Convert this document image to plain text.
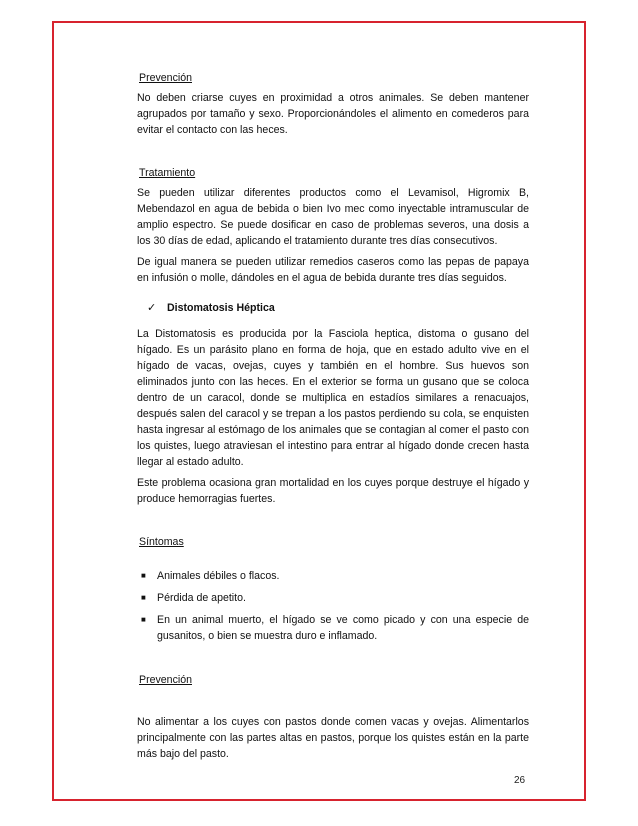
Prevención

No deben criarse cuyes en proximidad a otros animales. Se deben mantener agrupados por tamaño y sexo. Proporcionándoles el alimento en comederos para evitar el contacto con las heces.

Tratamiento

Se pueden utilizar diferentes productos como el Levamisol, Higromix B, Mebendazol en agua de bebida o bien Ivo mec como inyectable intramuscular de amplio espectro. Se puede dosificar en caso de problemas severos, una dosis a los 30 días de edad, aplicando el tratamiento durante tres días consecutivos.

De igual manera se pueden utilizar remedios caseros como las pepas de papaya en infusión o molle, dándoles en el agua de bebida durante tres días seguidos.

✓	Distomatosis Héptica

La Distomatosis es producida por la Fasciola heptica, distoma o gusano del hígado. Es un parásito plano en forma de hoja, que en estado adulto vive en el hígado de vacas, ovejas, cuyes y también en el hombre. Sus huevos son eliminados junto con las heces. En el exterior se forma un gusano que se coloca dentro de un caracol, donde se multiplica en estadíos similares a renacuajos, después salen del caracol y se trepan a los pastos perdiendo su cola, se enquisten hasta ingresar al estómago de los animales que se contagian al comer el pasto con los quistes, luego atraviesan el intestino para entrar al hígado donde crecen hasta llegar al estado adulto.

Este problema ocasiona gran mortalidad en los cuyes porque destruye el hígado y produce hemorragias fuertes.

Síntomas
■ Animales débiles o flacos.
■ Pérdida de apetito.
■ En un animal muerto, el hígado se ve como picado y con una especie de gusanitos, o bien se muestra duro e inflamado.
Prevención

No alimentar a los cuyes con pastos donde comen vacas y ovejas. Alimentarlos principalmente con las partes altas en pastos, porque los quistes están en la parte más bajo del pasto.

26
